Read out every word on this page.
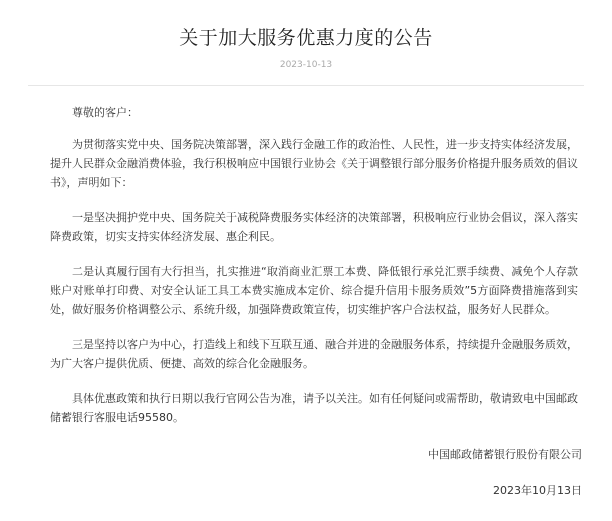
关于加大服务优惠力度的公告
2023-10-13

尊敬的客户：

为贯彻落实党中央、国务院决策部署，深入践行金融工作的政治性、人民性，进一步支持实体经济发展，提升人民群众金融消费体验，我行积极响应中国银行业协会《关于调整银行部分服务价格提升服务质效的倡议书》，声明如下：

一是坚决拥护党中央、国务院关于减税降费服务实体经济的决策部署，积极响应行业协会倡议，深入落实降费政策，切实支持实体经济发展、惠企利民。

二是认真履行国有大行担当，扎实推进“取消商业汇票工本费、降低银行承兑汇票手续费、减免个人存款账户对账单打印费、对安全认证工具工本费实施成本定价、综合提升信用卡服务质效”5方面降费措施落到实处，做好服务价格调整公示、系统升级，加强降费政策宣传，切实维护客户合法权益，服务好人民群众。

三是坚持以客户为中心，打造线上和线下互联互通、融合并进的金融服务体系，持续提升金融服务质效，为广大客户提供优质、便捷、高效的综合化金融服务。

具体优惠政策和执行日期以我行官网公告为准，请予以关注。如有任何疑问或需帮助，敬请致电中国邮政储蓄银行客服电话95580。

中国邮政储蓄银行股份有限公司
2023年10月13日
